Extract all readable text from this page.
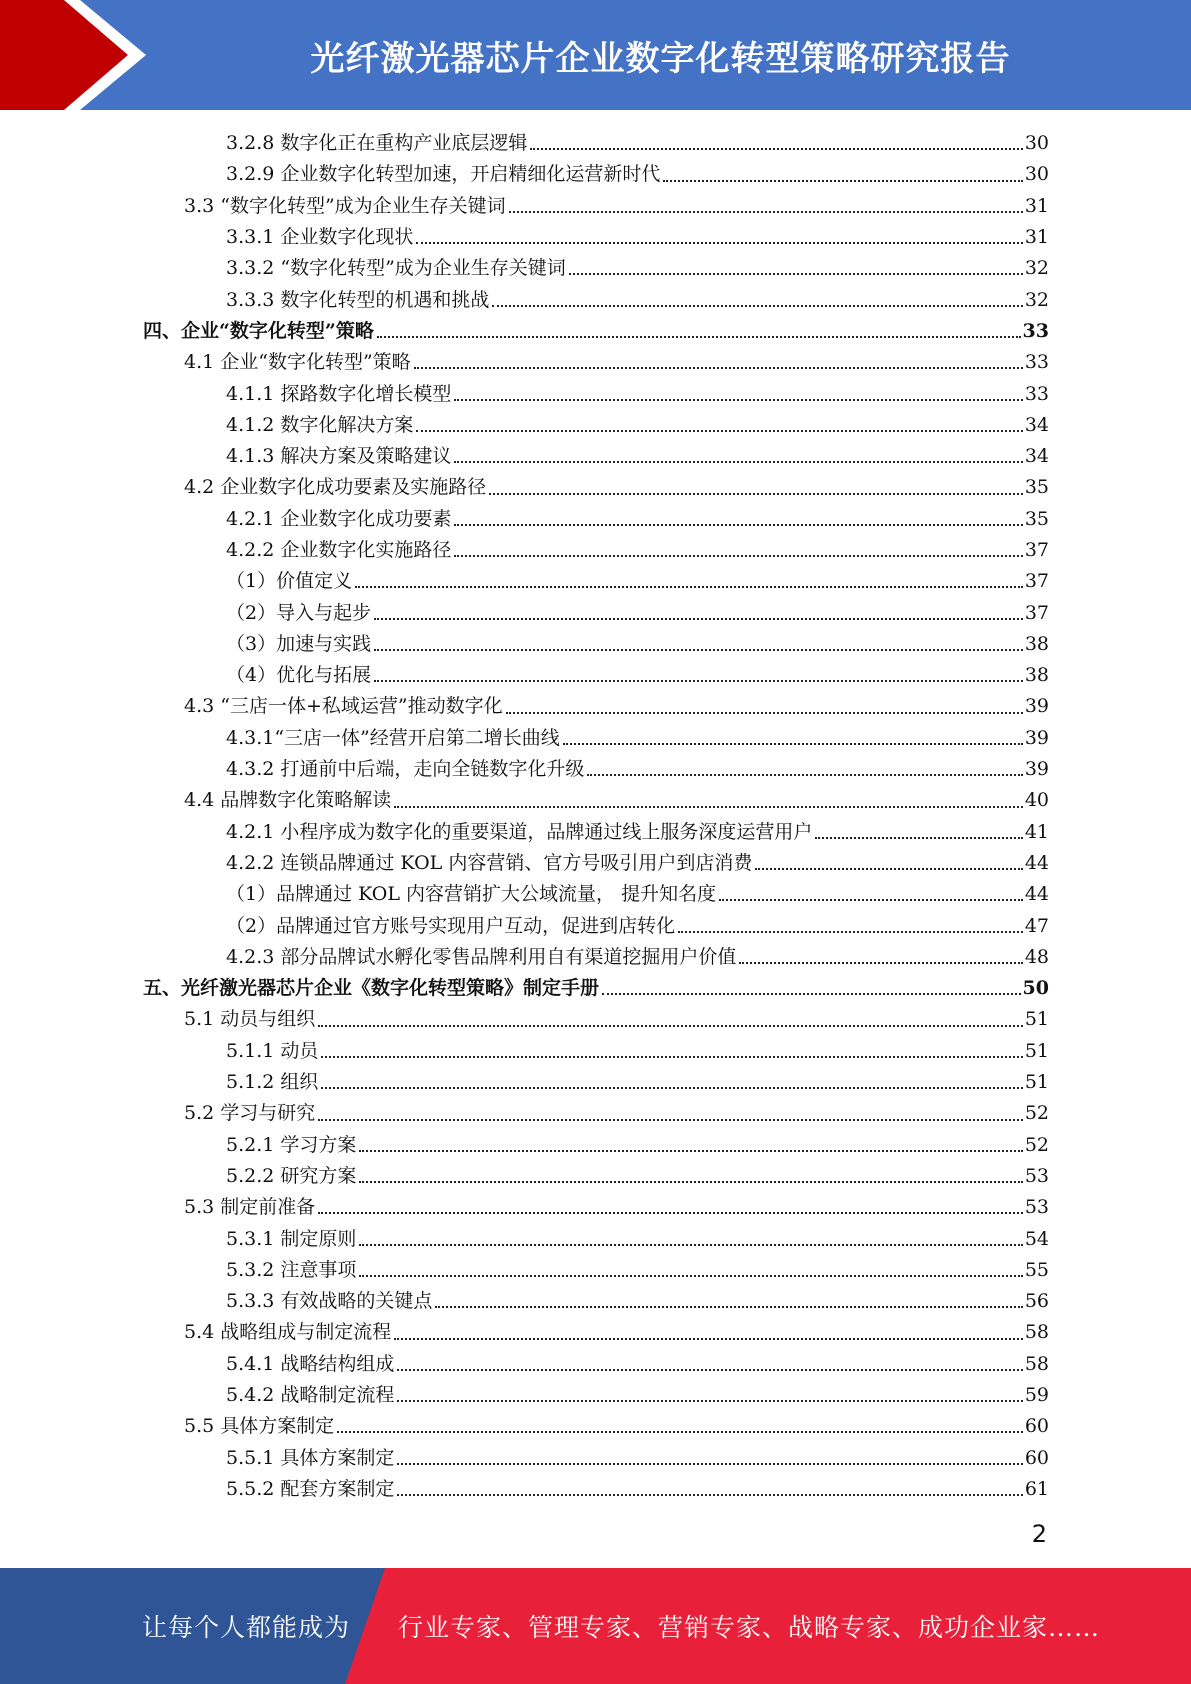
光纤激光器芯片企业数字化转型策略研究报告
3.2.8 数字化正在重构产业底层逻辑	30
3.2.9 企业数字化转型加速，开启精细化运营新时代	30
3.3 “数字化转型”成为企业生存关键词	31
3.3.1 企业数字化现状	31
3.3.2 “数字化转型”成为企业生存关键词	32
3.3.3 数字化转型的机遇和挑战	32
四、企业“数字化转型”策略	33
4.1 企业“数字化转型”策略	33
4.1.1 探路数字化增长模型	33
4.1.2 数字化解决方案	34
4.1.3 解决方案及策略建议	34
4.2 企业数字化成功要素及实施路径	35
4.2.1 企业数字化成功要素	35
4.2.2 企业数字化实施路径	37
（1）价值定义	37
（2）导入与起步	37
（3）加速与实践	38
（4）优化与拓展	38
4.3 “三店一体+私域运营”推动数字化	39
4.3.1“三店一体”经营开启第二增长曲线	39
4.3.2 打通前中后端，走向全链数字化升级	39
4.4 品牌数字化策略解读	40
4.2.1 小程序成为数字化的重要渠道，品牌通过线上服务深度运营用户	41
4.2.2 连锁品牌通过 KOL 内容营销、官方号吸引用户到店消费	44
（1）品牌通过 KOL 内容营销扩大公域流量， 提升知名度	44
（2）品牌通过官方账号实现用户互动，促进到店转化	47
4.2.3 部分品牌试水孵化零售品牌利用自有渠道挖掘用户价值	48
五、光纤激光器芯片企业《数字化转型策略》制定手册	50
5.1 动员与组织	51
5.1.1 动员	51
5.1.2 组织	51
5.2 学习与研究	52
5.2.1 学习方案	52
5.2.2 研究方案	53
5.3 制定前准备	53
5.3.1 制定原则	54
5.3.2 注意事项	55
5.3.3 有效战略的关键点	56
5.4 战略组成与制定流程	58
5.4.1 战略结构组成	58
5.4.2 战略制定流程	59
5.5 具体方案制定	60
5.5.1 具体方案制定	60
5.5.2 配套方案制定	61
2
让每个人都能成为 行业专家、管理专家、营销专家、战略专家、成功企业家……
